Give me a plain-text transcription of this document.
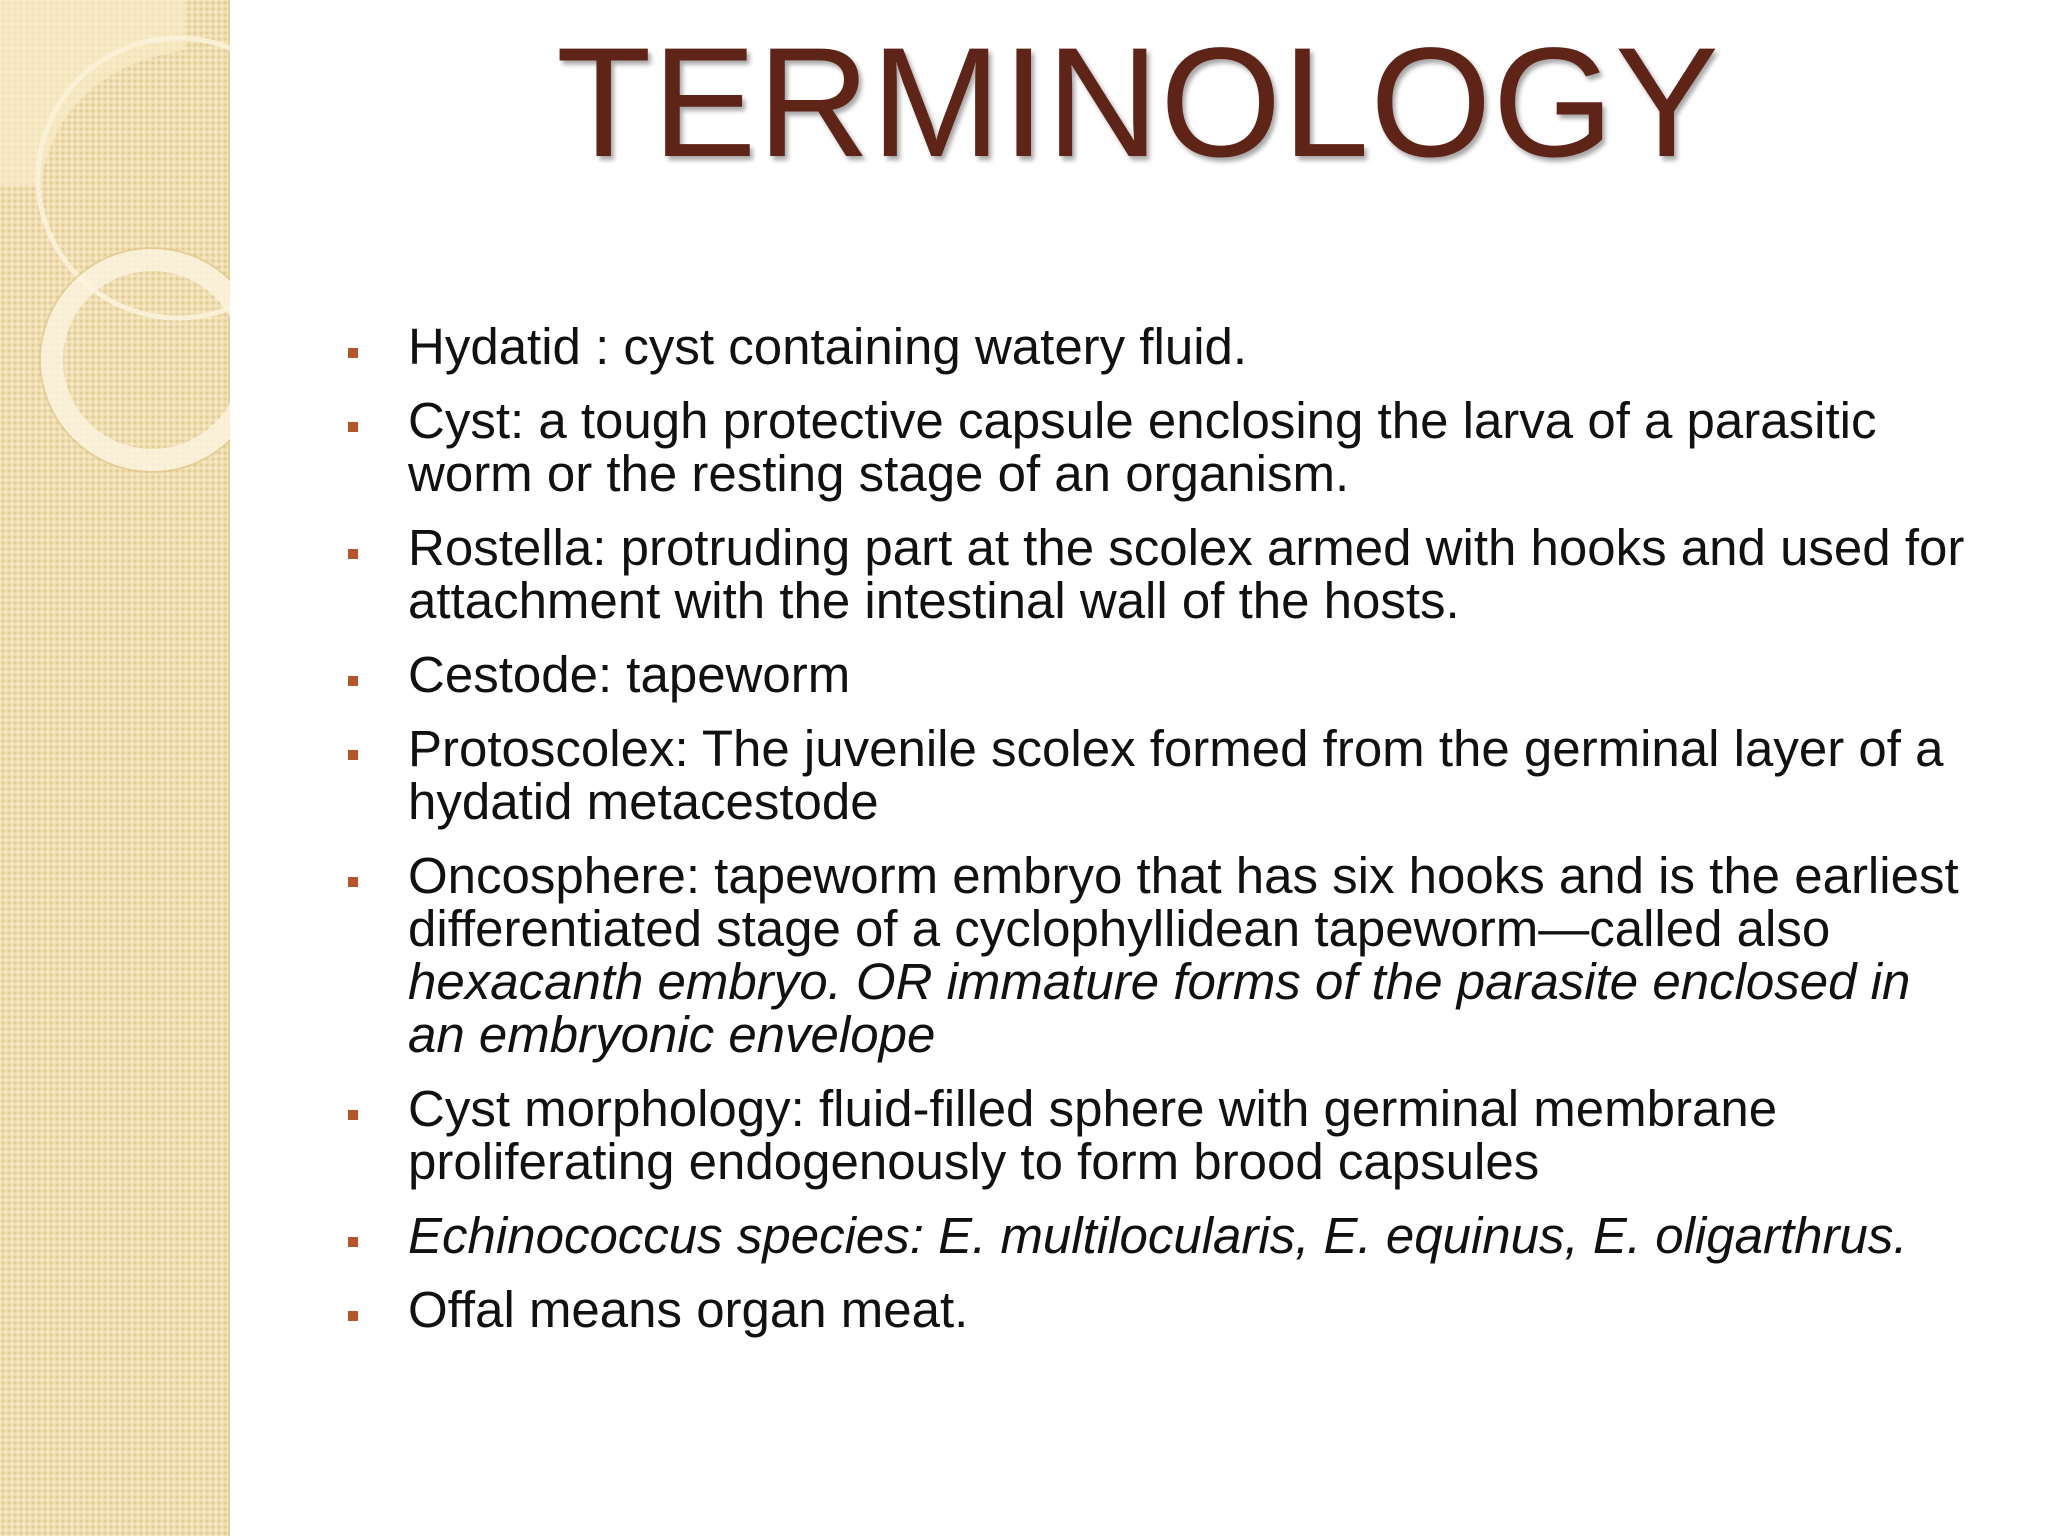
TERMINOLOGY
Hydatid : cyst containing watery fluid.
Cyst: a tough protective capsule enclosing the larva of a parasitic worm or the resting stage of an organism.
Rostella: protruding part at the scolex armed with hooks and used for attachment with the intestinal wall of the hosts.
Cestode: tapeworm
Protoscolex: The juvenile scolex formed from the germinal layer of a hydatid metacestode
Oncosphere: tapeworm embryo that has six hooks and is the earliest differentiated stage of a cyclophyllidean tapeworm—called also hexacanth embryo. OR immature forms of the parasite enclosed in an embryonic envelope
Cyst morphology: fluid-filled sphere with germinal membrane proliferating endogenously to form brood capsules
Echinococcus species: E. multilocularis, E. equinus, E. oligarthrus.
Offal means organ meat.
